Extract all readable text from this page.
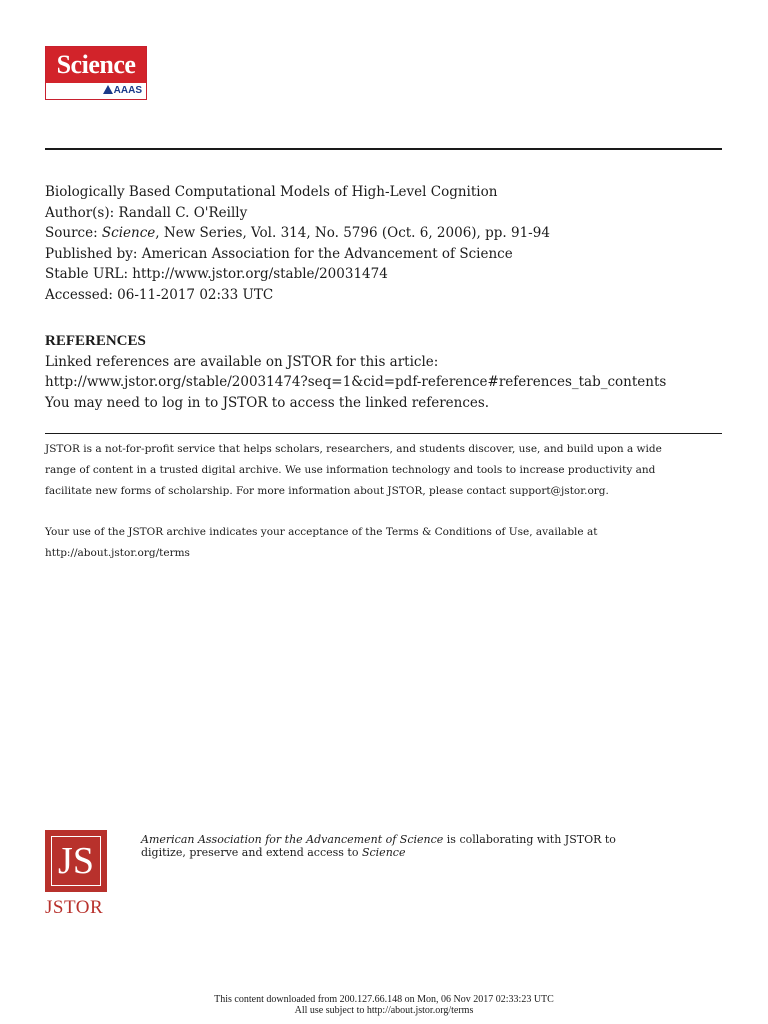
Science
AAAS
Biologically Based Computational Models of High-Level Cognition
Author(s): Randall C. O'Reilly
Source: Science, New Series, Vol. 314, No. 5796 (Oct. 6, 2006), pp. 91-94
Published by: American Association for the Advancement of Science
Stable URL: http://www.jstor.org/stable/20031474
Accessed: 06-11-2017 02:33 UTC
REFERENCES
Linked references are available on JSTOR for this article:
http://www.jstor.org/stable/20031474?seq=1&cid=pdf-reference#references_tab_contents
You may need to log in to JSTOR to access the linked references.

JSTOR is a not-for-profit service that helps scholars, researchers, and students discover, use, and build upon a wide
range of content in a trusted digital archive. We use information technology and tools to increase productivity and
facilitate new forms of scholarship. For more information about JSTOR, please contact support@jstor.org.

Your use of the JSTOR archive indicates your acceptance of the Terms & Conditions of Use, available at
http://about.jstor.org/terms

JS
JSTOR
American Association for the Advancement of Science is collaborating with JSTOR to
digitize, preserve and extend access to Science
This content downloaded from 200.127.66.148 on Mon, 06 Nov 2017 02:33:23 UTC
All use subject to http://about.jstor.org/terms
